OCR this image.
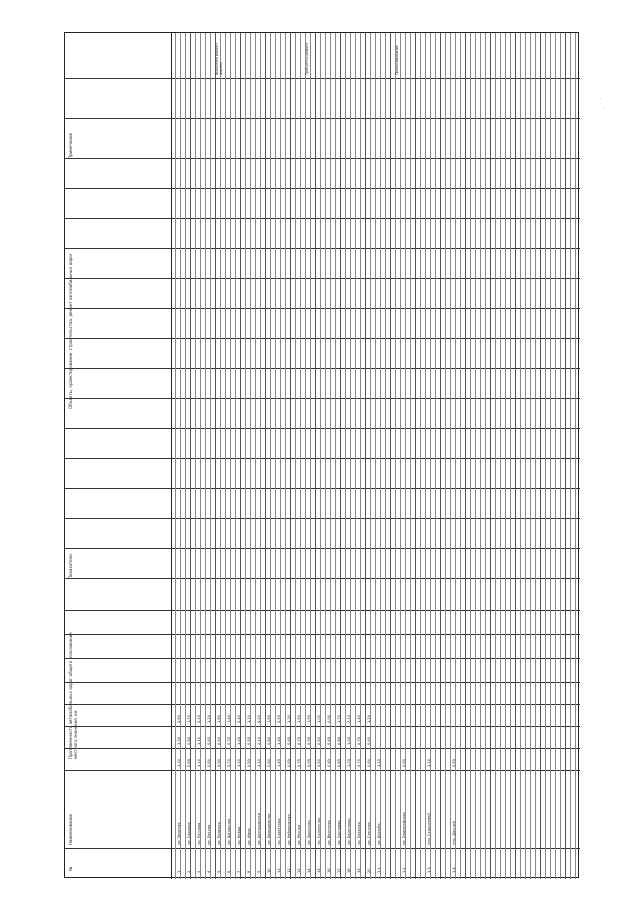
·
·
№
Наименование
Протяженность автомобильных дорог общего пользования местного значения, км
Показатели
Объекты, проектирование, строительство, ремонт автомобильных дорог
Примечание
1
ул. Зеленая
1,30
1,30
2,60
2
ул. Садовая
0,85
0,85
1,70
3
ул. Луговая
1,10
1,10
2,20
4
ул. Лесная
0,60
0,60
1,20
5
ул. Полевая
0,90
0,90
1,80
6
ул. Школьная
0,70
0,70
1,40
7
ул. Новая
1,20
1,20
2,40
8
ул. Мира
0,55
0,55
1,10
9
ул. Центральная
2,10
2,10
4,20
10
ул. Молодежная
0,80
0,80
1,60
11
ул. Советская
1,45
1,45
2,90
12
ул. Набережная
0,65
0,65
1,30
13
ул. Речная
0,75
0,75
1,50
14
ул. Заречная
0,95
0,95
1,90
15
ул. Солнечная
0,50
0,50
1,00
16
ул. Весенняя
0,45
0,45
0,90
17
ул. Сосновая
0,85
0,85
1,70
18
ул. Береговая
1,05
1,05
2,10
19
ул. Озерная
0,70
0,70
1,40
20
ул. Степная
0,60
0,60
1,20
1.1
ул. Дружба
1,25
1.2
ул. Олимпийская
0,90
1.3
пер. Строителей
1,10
1.4
пер. Дачный
0,55
Выполнен ремонт дороги	Требуется ремонт	Проектирование
